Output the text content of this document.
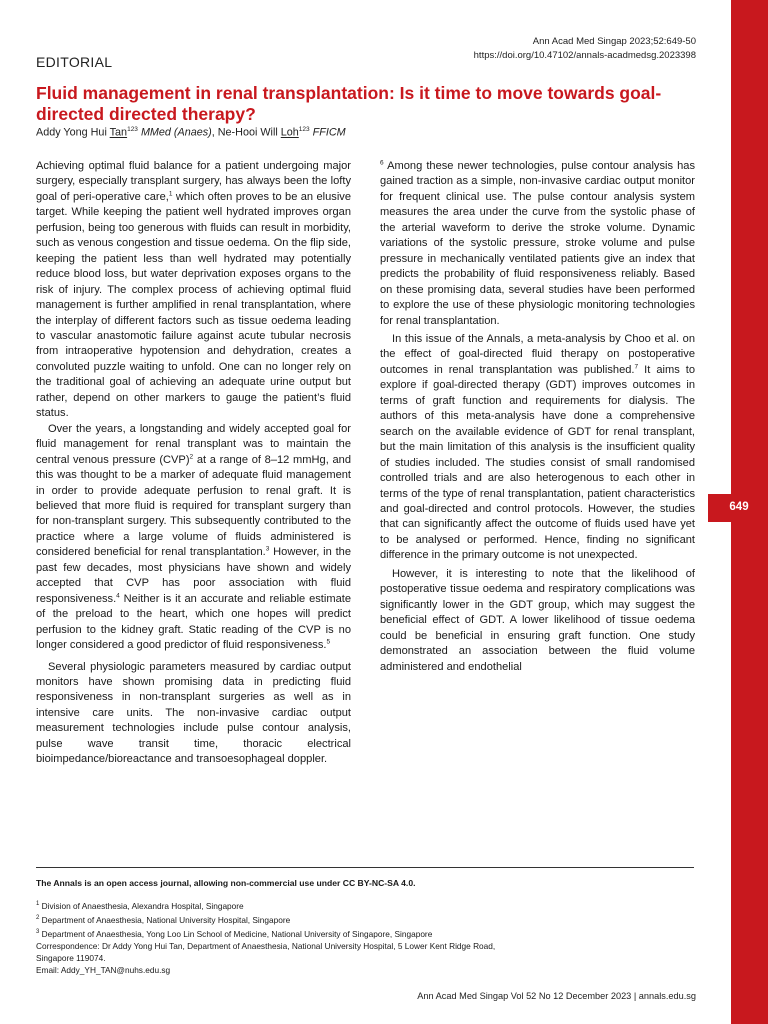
649
Ann Acad Med Singap 2023;52:649-50
https://doi.org/10.47102/annals-acadmedsg.2023398
EDITORIAL
Fluid management in renal transplantation: Is it time to move towards goal-directed directed therapy?
Addy Yong Hui Tan$^{123}$ MMed (Anaes), Ne-Hooi Will Loh$^{123}$ FFICM

Achieving optimal fluid balance for a patient undergoing major surgery, especially transplant surgery, has always been the lofty goal of peri-operative care,$^1$ which often proves to be an elusive target. While keeping the patient well hydrated improves organ perfusion, being too generous with fluids can result in morbidity, such as venous congestion and tissue oedema. On the flip side, keeping the patient less than well hydrated may potentially reduce blood loss, but water deprivation exposes organs to the risk of injury. The complex process of achieving optimal fluid management is further amplified in renal transplantation, where the interplay of different factors such as tissue oedema leading to vascular anastomotic failure against acute tubular necrosis from intraoperative hypotension and dehydration, creates a convoluted puzzle waiting to unfold. One can no longer rely on the traditional goal of achieving an adequate urine output but rather, depend on other markers to gauge the patient’s fluid status.

Over the years, a longstanding and widely accepted goal for fluid management for renal transplant was to maintain the central venous pressure (CVP)$^2$ at a range of 8–12 mmHg, and this was thought to be a marker of adequate fluid management in order to provide adequate perfusion to renal graft. It is believed that more fluid is required for transplant surgery than for non-transplant surgery. This subsequently contributed to the practice where a large volume of fluids administered is considered beneficial for renal transplantation.$^3$ However, in the past few decades, most physicians have shown and widely accepted that CVP has poor association with fluid responsiveness.$^4$ Neither is it an accurate and reliable estimate of the preload to the heart, which one hopes will predict perfusion to the kidney graft. Static reading of the CVP is no longer considered a good predictor of fluid responsiveness.$^5$

Several physiologic parameters measured by cardiac output monitors have shown promising data in predicting fluid responsiveness in non-transplant surgeries as well as in intensive care units. The non-invasive cardiac output measurement technologies include pulse contour analysis, pulse wave transit time, thoracic electrical bioimpedance/bioreactance and transoesophageal doppler.

$^6$ Among these newer technologies, pulse contour analysis has gained traction as a simple, non-invasive cardiac output monitor for frequent clinical use. The pulse contour analysis system measures the area under the curve from the systolic phase of the arterial waveform to derive the stroke volume. Dynamic variations of the systolic pressure, stroke volume and pulse pressure in mechanically ventilated patients give an index that predicts the probability of fluid responsiveness reliably. Based on these promising data, several studies have been performed to explore the use of these physiologic monitoring technologies for renal transplantation.

In this issue of the Annals, a meta-analysis by Choo et al. on the effect of goal-directed fluid therapy on postoperative outcomes in renal transplantation was published.$^7$ It aims to explore if goal-directed therapy (GDT) improves outcomes in terms of graft function and requirements for dialysis. The authors of this meta-analysis have done a comprehensive search on the available evidence of GDT for renal transplant, but the main limitation of this analysis is the insufficient quality of studies included. The studies consist of small randomised controlled trials and are also heterogenous to each other in terms of the type of renal transplantation, patient characteristics and goal-directed and control protocols. However, the studies that can significantly affect the outcome of fluids used have yet to be analysed or performed. Hence, finding no significant difference in the primary outcome is not unexpected.

However, it is interesting to note that the likelihood of postoperative tissue oedema and respiratory complications was significantly lower in the GDT group, which may suggest the beneficial effect of GDT. A lower likelihood of tissue oedema could be beneficial in ensuring graft function. One study demonstrated an association between the fluid volume administered and endothelial

The Annals is an open access journal, allowing non-commercial use under CC BY-NC-SA 4.0.
$^1$ Division of Anaesthesia, Alexandra Hospital, Singapore
$^2$ Department of Anaesthesia, National University Hospital, Singapore
$^3$ Department of Anaesthesia, Yong Loo Lin School of Medicine, National University of Singapore, Singapore
Correspondence: Dr Addy Yong Hui Tan, Department of Anaesthesia, National University Hospital, 5 Lower Kent Ridge Road,
Singapore 119074.
Email: Addy_YH_TAN@nuhs.edu.sg
Ann Acad Med Singap Vol 52 No 12 December 2023 | annals.edu.sg
